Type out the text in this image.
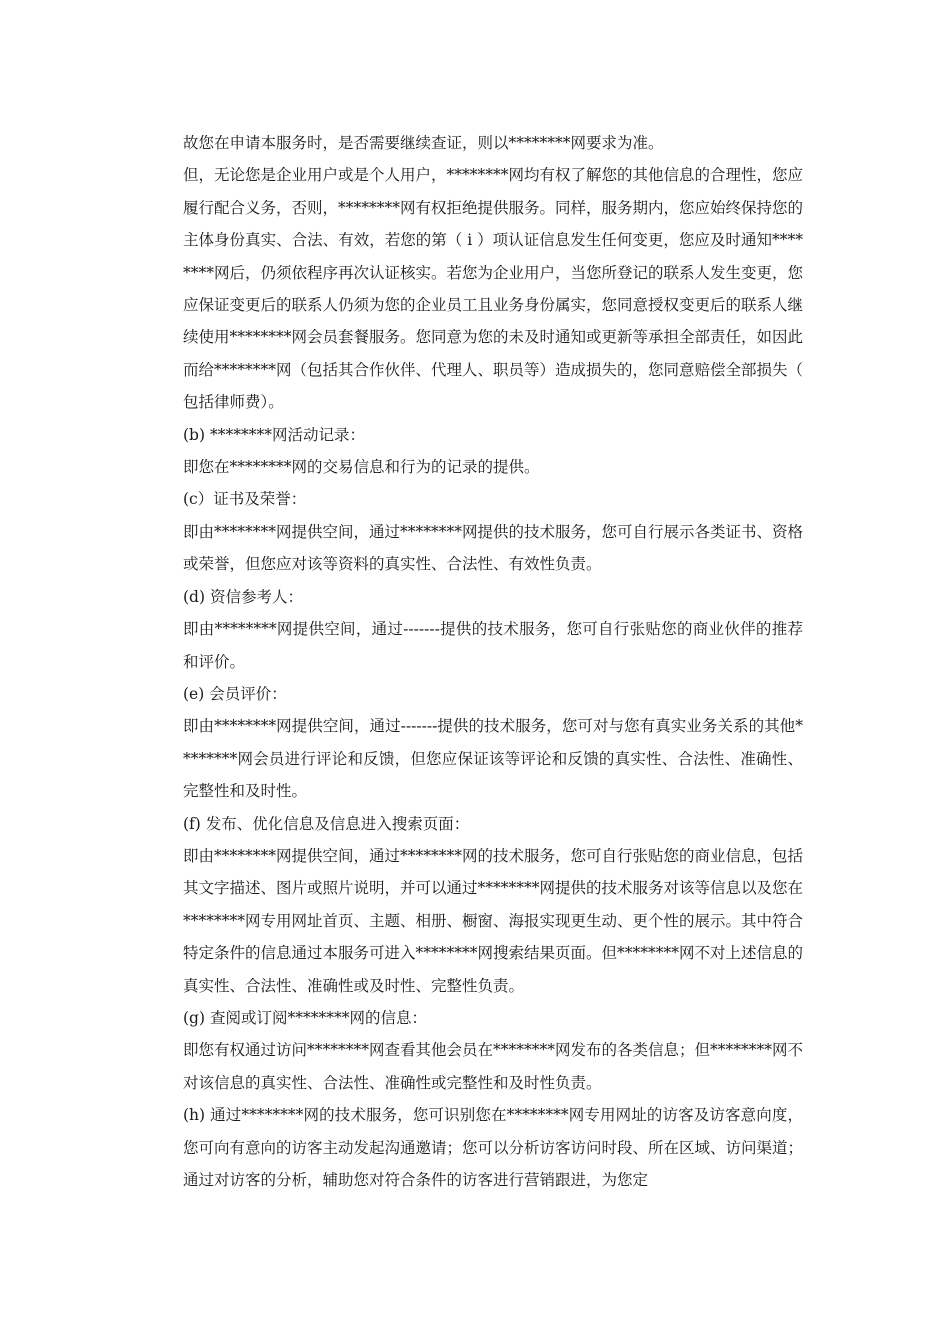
故您在申请本服务时，是否需要继续查证，则以********网要求为准。

但，无论您是企业用户或是个人用户，********网均有权了解您的其他信息的合理性，您应履行配合义务，否则，********网有权拒绝提供服务。同样，服务期内，您应始终保持您的主体身份真实、合法、有效，若您的第（ i ）项认证信息发生任何变更，您应及时通知********网后，仍须依程序再次认证核实。若您为企业用户，当您所登记的联系人发生变更，您应保证变更后的联系人仍须为您的企业员工且业务身份属实，您同意授权变更后的联系人继续使用********网会员套餐服务。您同意为您的未及时通知或更新等承担全部责任，如因此而给********网（包括其合作伙伴、代理人、职员等）造成损失的，您同意赔偿全部损失（包括律师费）。

(b) ********网活动记录：

即您在********网的交易信息和行为的记录的提供。

(c）证书及荣誉：

即由********网提供空间，通过********网提供的技术服务，您可自行展示各类证书、资格或荣誉，但您应对该等资料的真实性、合法性、有效性负责。

(d) 资信参考人：

即由********网提供空间，通过-------提供的技术服务，您可自行张贴您的商业伙伴的推荐和评价。

(e) 会员评价：

即由********网提供空间，通过-------提供的技术服务，您可对与您有真实业务关系的其他********网会员进行评论和反馈，但您应保证该等评论和反馈的真实性、合法性、准确性、完整性和及时性。

(f) 发布、优化信息及信息进入搜索页面：

即由********网提供空间，通过********网的技术服务，您可自行张贴您的商业信息，包括其文字描述、图片或照片说明，并可以通过********网提供的技术服务对该等信息以及您在********网专用网址首页、主题、相册、橱窗、海报实现更生动、更个性的展示。其中符合特定条件的信息通过本服务可进入********网搜索结果页面。但********网不对上述信息的真实性、合法性、准确性或及时性、完整性负责。

(g) 查阅或订阅********网的信息：

即您有权通过访问********网查看其他会员在********网发布的各类信息；但********网不对该信息的真实性、合法性、准确性或完整性和及时性负责。

(h) 通过********网的技术服务，您可识别您在********网专用网址的访客及访客意向度，您可向有意向的访客主动发起沟通邀请；您可以分析访客访问时段、所在区域、访问渠道；通过对访客的分析，辅助您对符合条件的访客进行营销跟进，为您定
